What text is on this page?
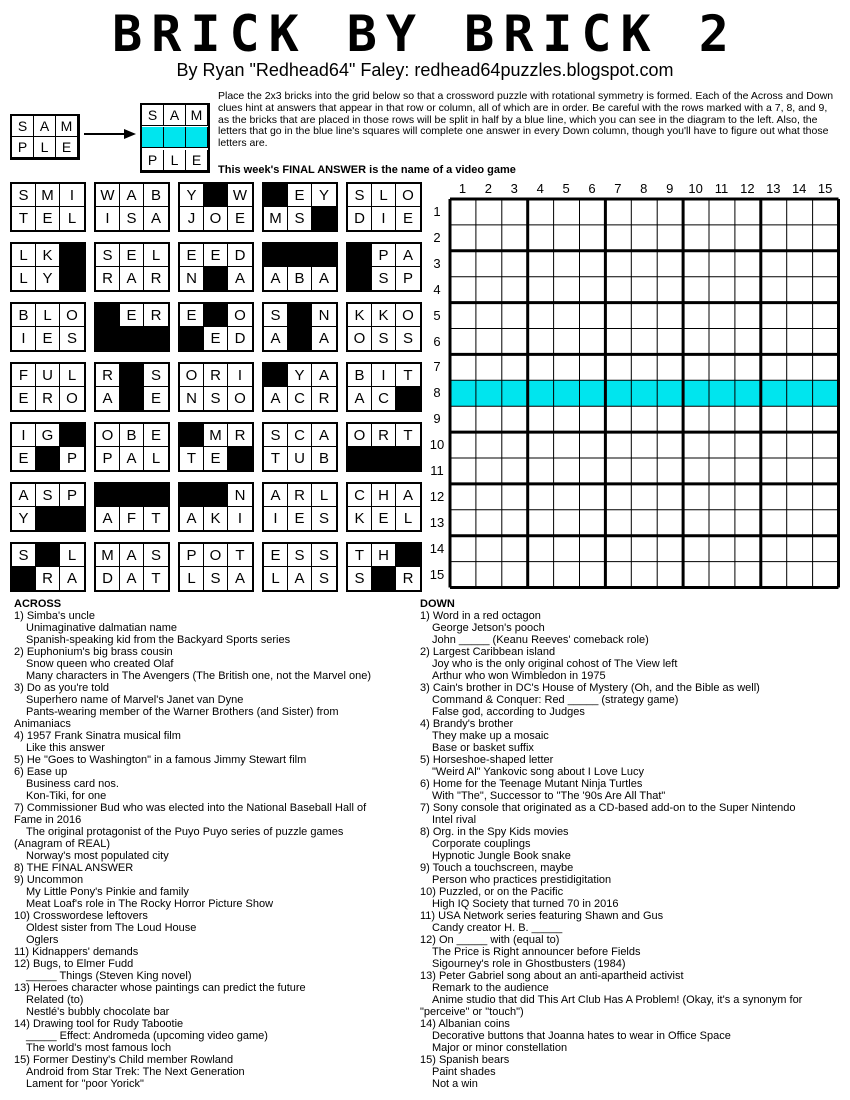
BRICK BY BRICK 2
By Ryan "Redhead64" Faley: redhead64puzzles.blogspot.com
S A M
P L E
S A M
P L E
Place the 2x3 bricks into the grid below so that a crossword puzzle with rotational symmetry is formed. Each of the Across and Down clues hint at answers that appear in that row or column, all of which are in order. Be careful with the rows marked with a 7, 8, and 9, as the bricks that are placed in those rows will be split in half by a blue line, which you can see in the diagram to the left. Also, the letters that go in the blue line's squares will complete one answer in every Down column, though you'll have to figure out what those letters are.
This week's FINAL ANSWER is the name of a video game
S M	I
T E	L
W A B
I	S A
Y	W
J O E
E Y
M S
S L O
D	I	E
L K
L Y
S E	L
R A R
E E D
N	A	A B A
P A
S P
B L O
I	E S
E R	E	O
E D
S	N
A	A
K K O
O S S
F U L
E R O
R	S
A	E
O R	I
N S O
Y A
A C R
B	I	T
A C
I	G
E	P
O B E
P A	L
M R
T E
S C A
T U B
O R T
A S P
Y	A F	T
N
A K	I
A R L
I	E S
C H A
K E	L
S	L
R A
M A S
D A T
P O T
L S A
E S S
L A S
T H
S	R
1	2	3	4	5	6	7	8	9	10 11 12 13 14 15
1
2
3
4
5
6
7
8
9
10
11
12
13
14
15
ACROSS
1) Simba's uncle
Unimaginative dalmatian name
Spanish-speaking kid from the Backyard Sports series
2) Euphonium's big brass cousin
Snow queen who created Olaf
Many characters in The Avengers (The British one, not the Marvel one)
3) Do as you're told
Superhero name of Marvel's Janet van Dyne
Pants-wearing member of the Warner Brothers (and Sister) from
Animaniacs
4) 1957 Frank Sinatra musical film
Like this answer
5) He "Goes to Washington" in a famous Jimmy Stewart film
6) Ease up
Business card nos.
Kon-Tiki, for one
7) Commissioner Bud who was elected into the National Baseball Hall of
Fame in 2016
The original protagonist of the Puyo Puyo series of puzzle games
(Anagram of REAL)
Norway's most populated city
8) THE FINAL ANSWER
9) Uncommon
My Little Pony's Pinkie and family
Meat Loaf's role in The Rocky Horror Picture Show
10) Crosswordese leftovers
Oldest sister from The Loud House
Oglers
11) Kidnappers' demands
12) Bugs, to Elmer Fudd
_____ Things (Steven King novel)
13) Heroes character whose paintings can predict the future
Related (to)
Nestlé's bubbly chocolate bar
14) Drawing tool for Rudy Tabootie
_____ Effect: Andromeda (upcoming video game)
The world's most famous loch
15) Former Destiny's Child member Rowland
Android from Star Trek: The Next Generation
Lament for "poor Yorick"
DOWN
1) Word in a red octagon
George Jetson's pooch
John _____ (Keanu Reeves' comeback role)
2) Largest Caribbean island
Joy who is the only original cohost of The View left
Arthur who won Wimbledon in 1975
3) Cain's brother in DC's House of Mystery (Oh, and the Bible as well)
Command & Conquer: Red _____ (strategy game)
False god, according to Judges
4) Brandy's brother
They make up a mosaic
Base or basket suffix
5) Horseshoe-shaped letter
"Weird Al" Yankovic song about I Love Lucy
6) Home for the Teenage Mutant Ninja Turtles
With "The", Successor to "The '90s Are All That"
7) Sony console that originated as a CD-based add-on to the Super Nintendo
Intel rival
8) Org. in the Spy Kids movies
Corporate couplings
Hypnotic Jungle Book snake
9) Touch a touchscreen, maybe
Person who practices prestidigitation
10) Puzzled, or on the Pacific
High IQ Society that turned 70 in 2016
11) USA Network series featuring Shawn and Gus
Candy creator H. B. _____
12) On _____ with (equal to)
The Price is Right announcer before Fields
Sigourney's role in Ghostbusters (1984)
13) Peter Gabriel song about an anti-apartheid activist
Remark to the audience
Anime studio that did This Art Club Has A Problem! (Okay, it's a synonym for
"perceive" or "touch")
14) Albanian coins
Decorative buttons that Joanna hates to wear in Office Space
Major or minor constellation
15) Spanish bears
Paint shades
Not a win
